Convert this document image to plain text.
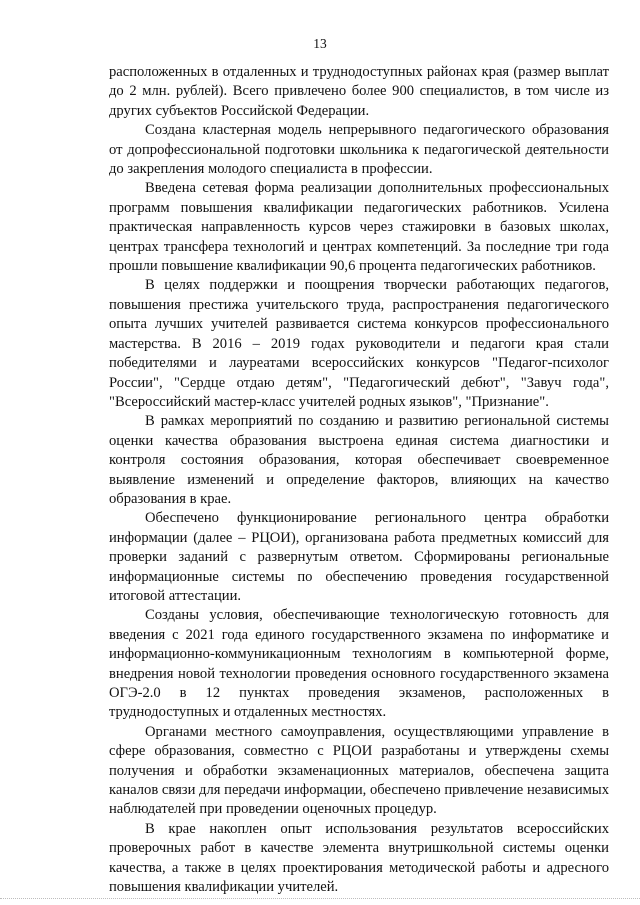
13

расположенных в отдаленных и труднодоступных районах края (размер выплат до 2 млн. рублей). Всего привлечено более 900 специалистов, в том числе из других субъектов Российской Федерации.

Создана кластерная модель непрерывного педагогического образования от допрофессиональной подготовки школьника к педагогической деятельности до закрепления молодого специалиста в профессии.

Введена сетевая форма реализации дополнительных профессиональных программ повышения квалификации педагогических работников. Усилена практическая направленность курсов через стажировки в базовых школах, центрах трансфера технологий и центрах компетенций. За последние три года прошли повышение квалификации 90,6 процента педагогических работников.

В целях поддержки и поощрения творчески работающих педагогов, повышения престижа учительского труда, распространения педагогического опыта лучших учителей развивается система конкурсов профессионального мастерства. В 2016 – 2019 годах руководители и педагоги края стали победителями и лауреатами всероссийских конкурсов "Педагог-психолог России", "Сердце отдаю детям", "Педагогический дебют", "Завуч года", "Всероссийский мастер-класс учителей родных языков", "Признание".

В рамках мероприятий по созданию и развитию региональной системы оценки качества образования выстроена единая система диагностики и контроля состояния образования, которая обеспечивает своевременное выявление изменений и определение факторов, влияющих на качество образования в крае.

Обеспечено функционирование регионального центра обработки информации (далее – РЦОИ), организована работа предметных комиссий для проверки заданий с развернутым ответом. Сформированы региональные информационные системы по обеспечению проведения государственной итоговой аттестации.

Созданы условия, обеспечивающие технологическую готовность для введения с 2021 года единого государственного экзамена по информатике и информационно-коммуникационным технологиям в компьютерной форме, внедрения новой технологии проведения основного государственного экзамена ОГЭ-2.0 в 12 пунктах проведения экзаменов, расположенных в труднодоступных и отдаленных местностях.

Органами местного самоуправления, осуществляющими управление в сфере образования, совместно с РЦОИ разработаны и утверждены схемы получения и обработки экзаменационных материалов, обеспечена защита каналов связи для передачи информации, обеспечено привлечение независимых наблюдателей при проведении оценочных процедур.

В крае накоплен опыт использования результатов всероссийских проверочных работ в качестве элемента внутришкольной системы оценки качества, а также в целях проектирования методической работы и адресного повышения квалификации учителей.
